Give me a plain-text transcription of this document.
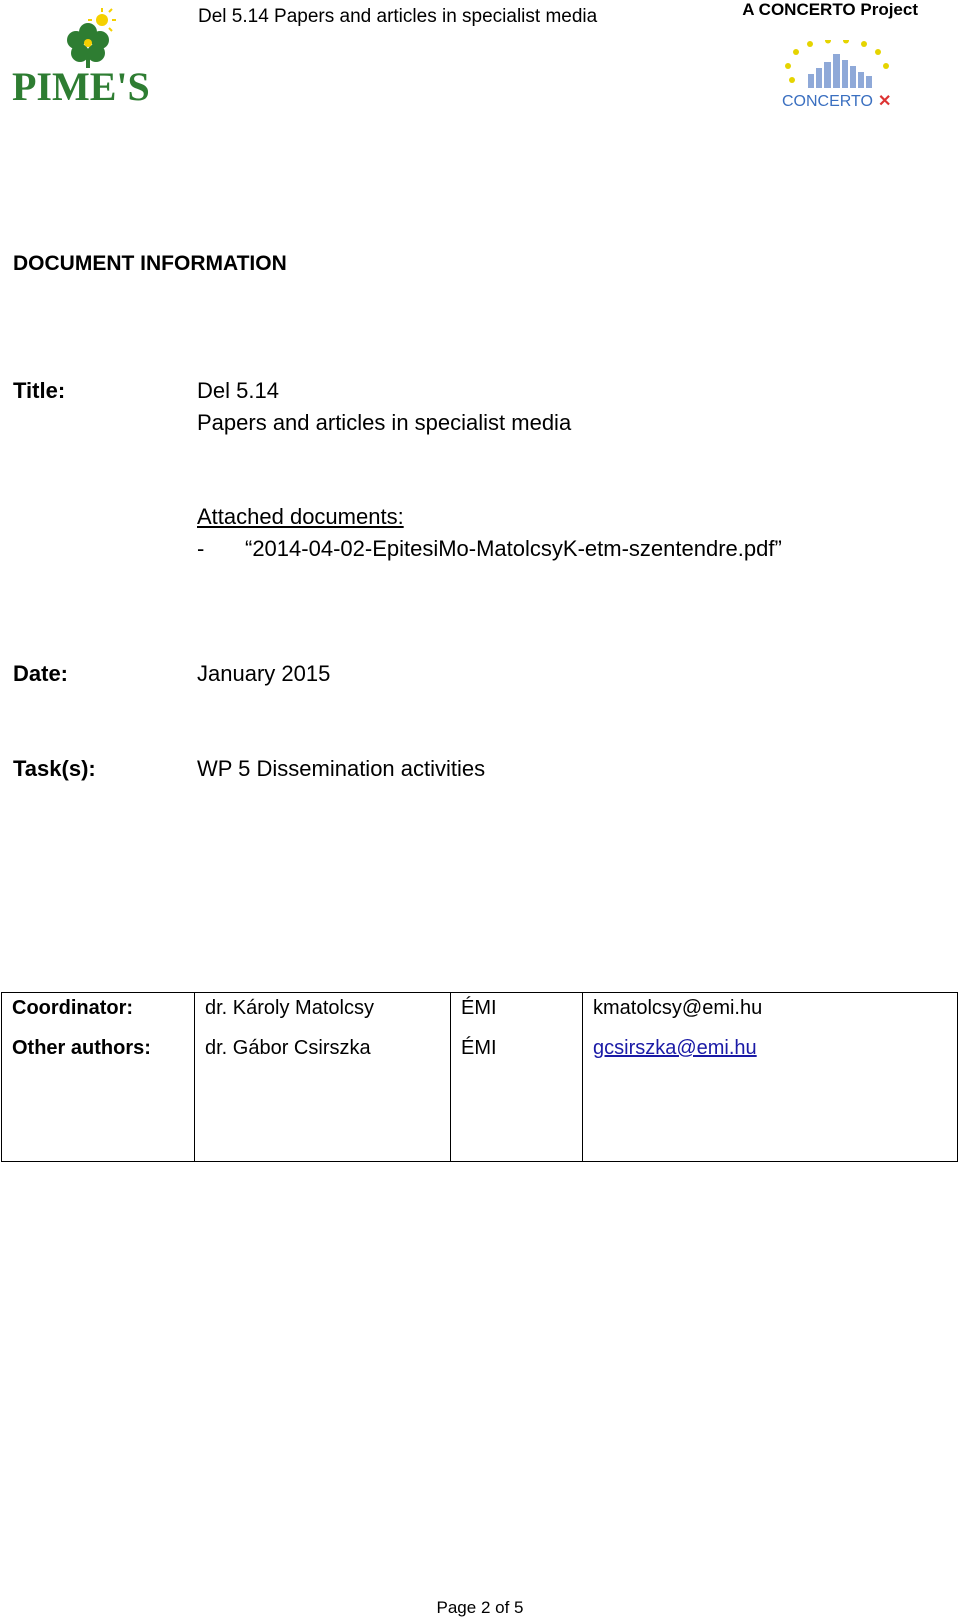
Del 5.14 Papers and articles in specialist media	A CONCERTO Project
PIME'S	CONCERTO ✕
DOCUMENT INFORMATION
Title:	Del 5.14
Papers and articles in specialist media
Attached documents:
- “2014-04-02-EpitesiMo-MatolcsyK-etm-szentendre.pdf”
Date:	January 2015
Task(s):	WP 5 Dissemination activities
Coordinator:	dr. Károly Matolcsy	ÉMI	kmatolcsy@emi.hu
Other authors:	dr. Gábor Csirszka	ÉMI	gcsirszka@emi.hu

Page 2 of 5
